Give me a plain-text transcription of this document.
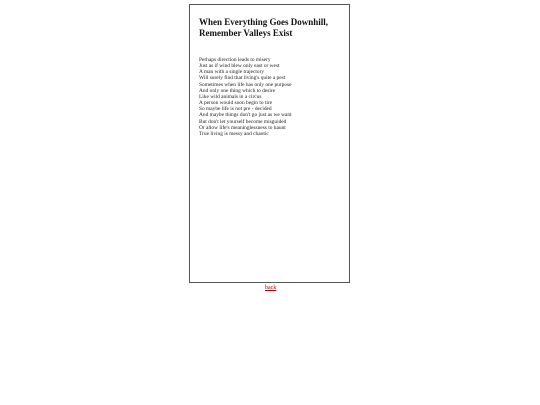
When Everything Goes Downhill, Remember Valleys Exist
Perhaps direction leads to misery
Just as if wind blew only east or west
A man with a single trajectory
Will surely find that living's quite a pest
Sometimes when life has only one purpose
And only one thing which to desire
Like wild animals in a circus
A person would soon begin to tire
So maybe life is not pre - decided
And maybe things don't go just as we want
But don't let yourself become misguided
Or allow life's meaninglessness to haunt
True living is messy and chaotic
back
